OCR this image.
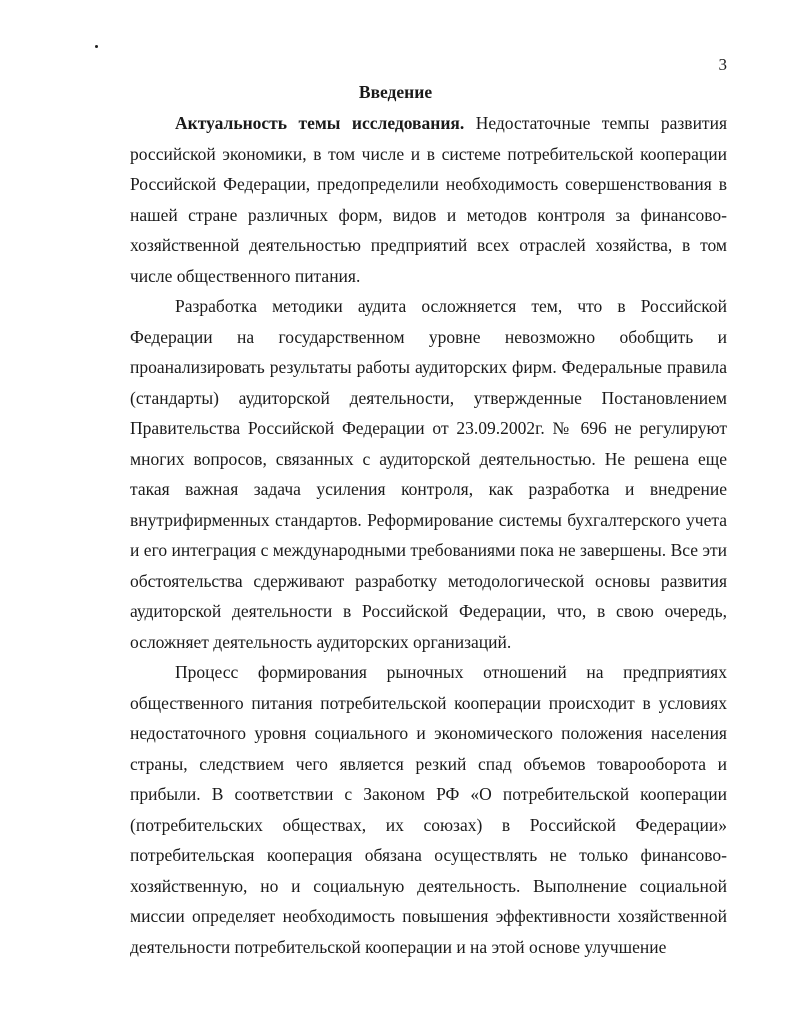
3
Введение

Актуальность темы исследования. Недостаточные темпы развития российской экономики, в том числе и в системе потребительской кооперации Российской Федерации, предопределили необходимость совершенствования в нашей стране различных форм, видов и методов контроля за финансово-хозяйственной деятельностью предприятий всех отраслей хозяйства, в том числе общественного питания.

Разработка методики аудита осложняется тем, что в Российской Федерации на государственном уровне невозможно обобщить и проанализировать результаты работы аудиторских фирм. Федеральные правила (стандарты) аудиторской деятельности, утвержденные Постановлением Правительства Российской Федерации от 23.09.2002г. № 696 не регулируют многих вопросов, связанных с аудиторской деятельностью. Не решена еще такая важная задача усиления контроля, как разработка и внедрение внутрифирменных стандартов. Реформирование системы бухгалтерского учета и его интеграция с международными требованиями пока не завершены. Все эти обстоятельства сдерживают разработку методологической основы развития аудиторской деятельности в Российской Федерации, что, в свою очередь, осложняет деятельность аудиторских организаций.

Процесс формирования рыночных отношений на предприятиях общественного питания потребительской кооперации происходит в условиях недостаточного уровня социального и экономического положения населения страны, следствием чего является резкий спад объемов товарооборота и прибыли. В соответствии с Законом РФ «О потребительской кооперации (потребительских обществах, их союзах) в Российской Федерации» потребительская кооперация обязана осуществлять не только финансово-хозяйственную, но и социальную деятельность. Выполнение социальной миссии определяет необходимость повышения эффективности хозяйственной деятельности потребительской кооперации и на этой основе улучшение
